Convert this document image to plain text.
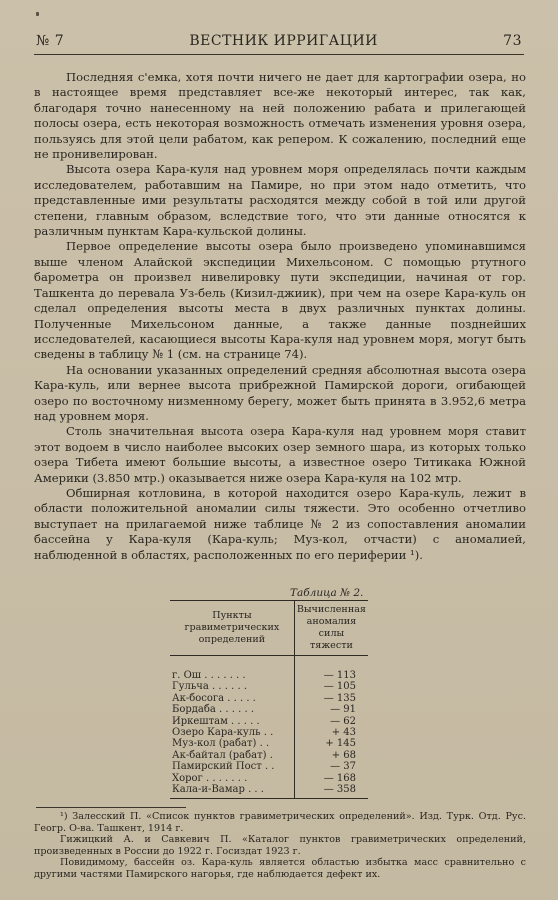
№ 7	ВЕСТНИК ИРРИГАЦИИ	73

Последняя с'емка, хотя почти ничего не дает для картографии озера, но в настоящее время представляет все-же некоторый интерес, так как, благодаря точно нанесенному на ней положению рабата и прилегающей полосы озера, есть некоторая возможность отмечать изменения уровня озера, пользуясь для этой цели рабатом, как репером. К сожалению, последний еще не пронивелирован.

Высота озера Кара-куля над уровнем моря определялась почти каждым исследователем, работавшим на Памире, но при этом надо отметить, что представленные ими результаты расходятся между собой в той или другой степени, главным образом, вследствие того, что эти данные относятся к различным пунктам Кара-кульской долины.

Первое определение высоты озера было произведено упоминавшимся выше членом Алайской экспедиции Михельсоном. С помощью ртутного барометра он произвел нивелировку пути экспедиции, начиная от гор. Ташкента до перевала Уз-бель (Кизил-джиик), при чем на озере Кара-куль он сделал определения высоты места в двух различных пунктах долины. Полученные Михельсоном данные, а также данные позднейших исследователей, касающиеся высоты Кара-куля над уровнем моря, могут быть сведены в таблицу № 1 (см. на странице 74).

На основании указанных определений средняя абсолютная высота озера Кара-куль, или вернее высота прибрежной Памирской дороги, огибающей озеро по восточному низменному берегу, может быть принята в 3.952,6 метра над уровнем моря.

Столь значительная высота озера Кара-куля над уровнем моря ставит этот водоем в число наиболее высоких озер земного шара, из которых только озера Тибета имеют большие высоты, а известное озеро Титикака Южной Америки (3.850 мтр.) оказывается ниже озера Кара-куля на 102 мтр.

Обширная котловина, в которой находится озеро Кара-куль, лежит в области положительной аномалии силы тяжести. Это особенно отчетливо выступает на прилагаемой ниже таблице № 2 из сопоставления аномалии бассейна у Кара-куля (Кара-куль; Муз-кол, отчасти) с аномалией, наблюденной в областях, расположенных по его периферии ¹).

Таблица № 2.
Пункты гравиметрических определений	Вычисленная аномалия силы тяжести

г. Ош . . . . . . .	— 113
Гульча . . . . . .	— 105
Ак-босога . . . . .	— 135
Бордаба . . . . . .	— 91
Иркештам . . . . .	— 62
Озеро Кара-куль . .	+ 43
Муз-кол (рабат) . .	+ 145
Ак-байтал (рабат) .	+ 68
Памирский Пост . .	— 37
Хорог . . . . . . .	— 168
Кала-и-Вамар . . .	— 358

¹) Залесский П. «Список пунктов гравиметрических определений». Изд. Турк. Отд. Рус. Геогр. О-ва. Ташкент, 1914 г.

Гижицкий А. и Савкевич П. «Каталог пунктов гравиметрических определений, произведенных в России до 1922 г. Госиздат 1923 г.

Повидимому, бассейн оз. Кара-куль является областью избытка масс сравнительно с другими частями Памирского нагорья, где наблюдается дефект их.
